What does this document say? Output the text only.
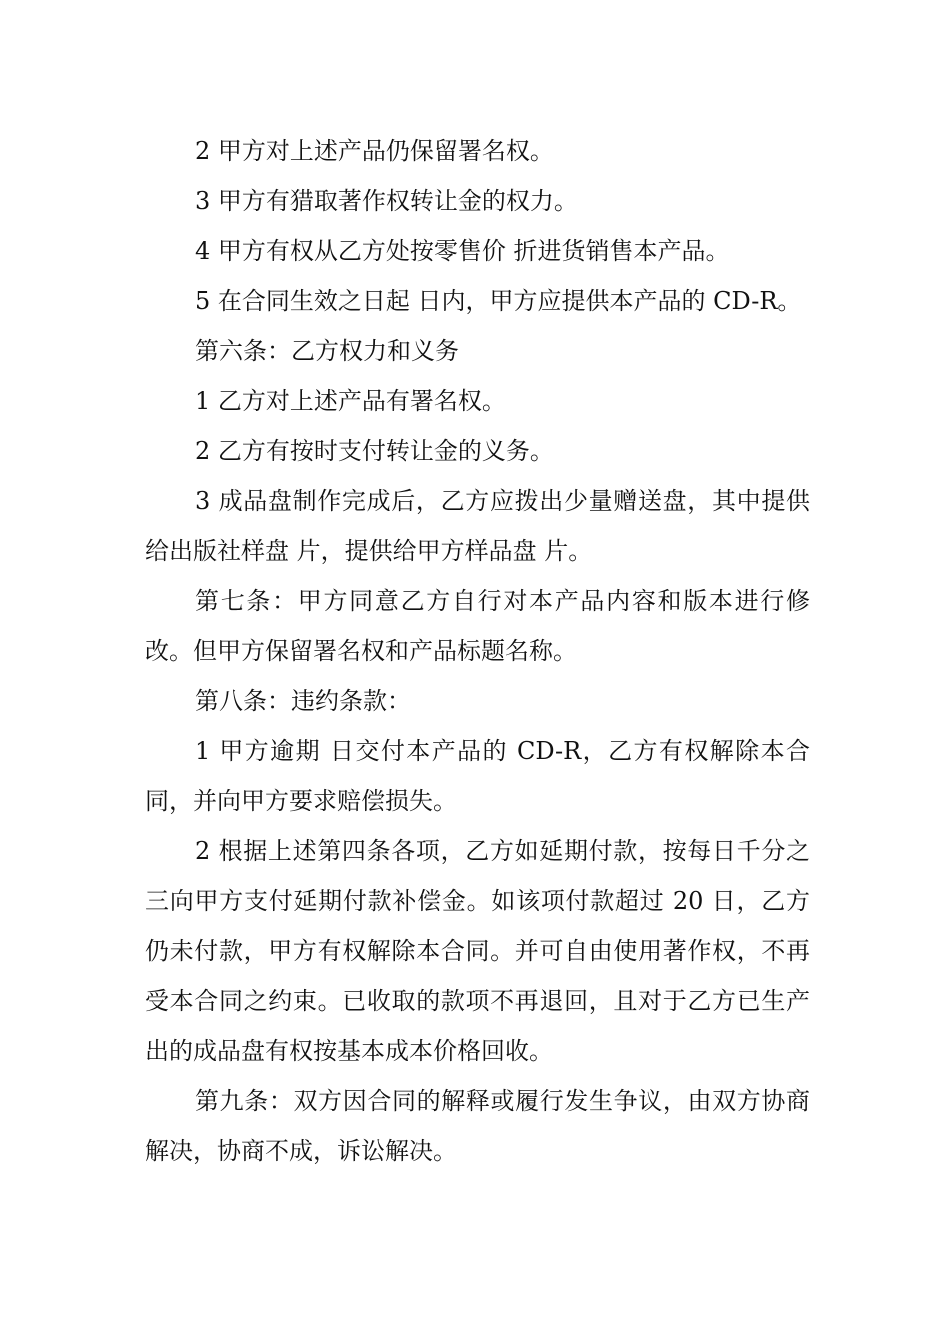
2 甲方对上述产品仍保留署名权。

3 甲方有猎取著作权转让金的权力。

4 甲方有权从乙方处按零售价 折进货销售本产品。

5 在合同生效之日起 日内，甲方应提供本产品的 CD-R。

第六条：乙方权力和义务

1 乙方对上述产品有署名权。

2 乙方有按时支付转让金的义务。

3 成品盘制作完成后，乙方应拨出少量赠送盘，其中提供给出版社样盘 片，提供给甲方样品盘 片。

第七条：甲方同意乙方自行对本产品内容和版本进行修改。但甲方保留署名权和产品标题名称。

第八条：违约条款：

1 甲方逾期 日交付本产品的 CD-R，乙方有权解除本合同，并向甲方要求赔偿损失。

2 根据上述第四条各项，乙方如延期付款，按每日千分之三向甲方支付延期付款补偿金。如该项付款超过 20 日，乙方仍未付款，甲方有权解除本合同。并可自由使用著作权，不再受本合同之约束。已收取的款项不再退回，且对于乙方已生产出的成品盘有权按基本成本价格回收。

第九条：双方因合同的解释或履行发生争议，由双方协商解决，协商不成，诉讼解决。
